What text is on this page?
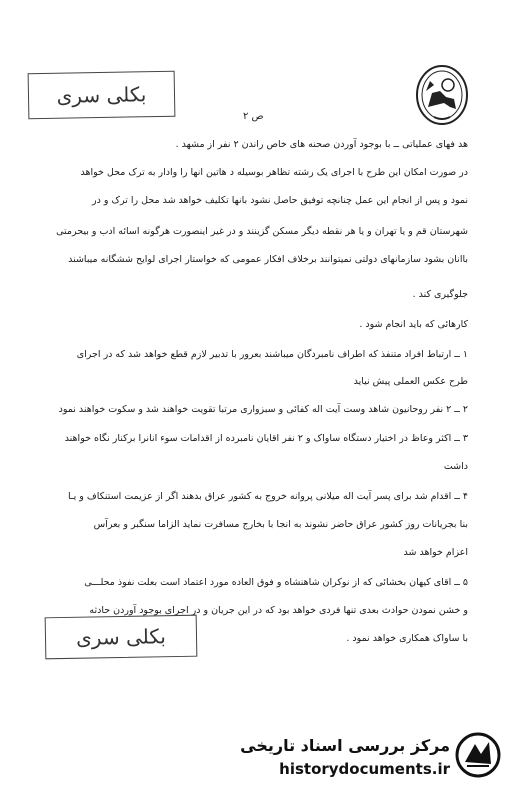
بکلی سری
ص ۲
هد فهای عملیاتی ــ با بوجود آوردن صحنه های خاص راندن ۲ نفر از مشهد .
در صورت امکان این طرح با اجرای یک رشته تظاهر بوسیله د هاتین انها را وادار به ترک محل خواهد
نمود و پس از انجام این عمل چنانچه توفیق حاصل نشود بانها تکلیف خواهد شد محل را ترک و در
شهرستان قم و یا تهران و یا هر نقطه دیگر مسکن گزینند و در غیر اینصورت هرگونه اسائه ادب و بیحرمتی
باانان بشود سازمانهای دولتی نمیتوانند برخلاف افکار عمومی که خواستار اجرای لوایح ششگانه میباشند
جلوگیری کند .
کارهائی که باید انجام شود .
۱ ــ ارتباط افراد متنفذ که اطراف نامبردگان میباشند بعرور با تدبیر لازم قطع خواهد شد که در اجرای
طرح عکس العملی پیش نیاید
۲ ــ ۲ نفر روحانیون شاهد وست آیت اله کفائی و سبزواری مرتبا تقویت خواهند شد و سکوت خواهند نمود
۳ ــ اکثر وعاظ در اختیار دستگاه ساواک و ۲ نفر اقایان نامبرده از اقدامات سوء انانرا برکنار نگاه خواهند
داشت
۴ ــ اقدام شد برای پسر آیت اله میلانی پروانه خروج به کشور عراق بدهند اگر از عزیمت استنکاف و یـا
بنا بجریانات روز کشور عراق حاضر نشوند به انجا با بخارج مسافرت نماید الزاما سنگبر و بعرآس
اعزام خواهد شد
۵ ــ اقای کیهان بخشائی که از نوکران شاهنشاه و فوق العاده مورد اعتماد است بعلت نفوذ محلـــی
و خشن نمودن حوادث بعدی تنها فردی خواهد بود که در این جریان و در اجرای بوجود آوردن حادثه
با ساواک همکاری خواهد نمود .
بکلی سری
مرکز بررسی اسناد تاریخی
historydocuments.ir
